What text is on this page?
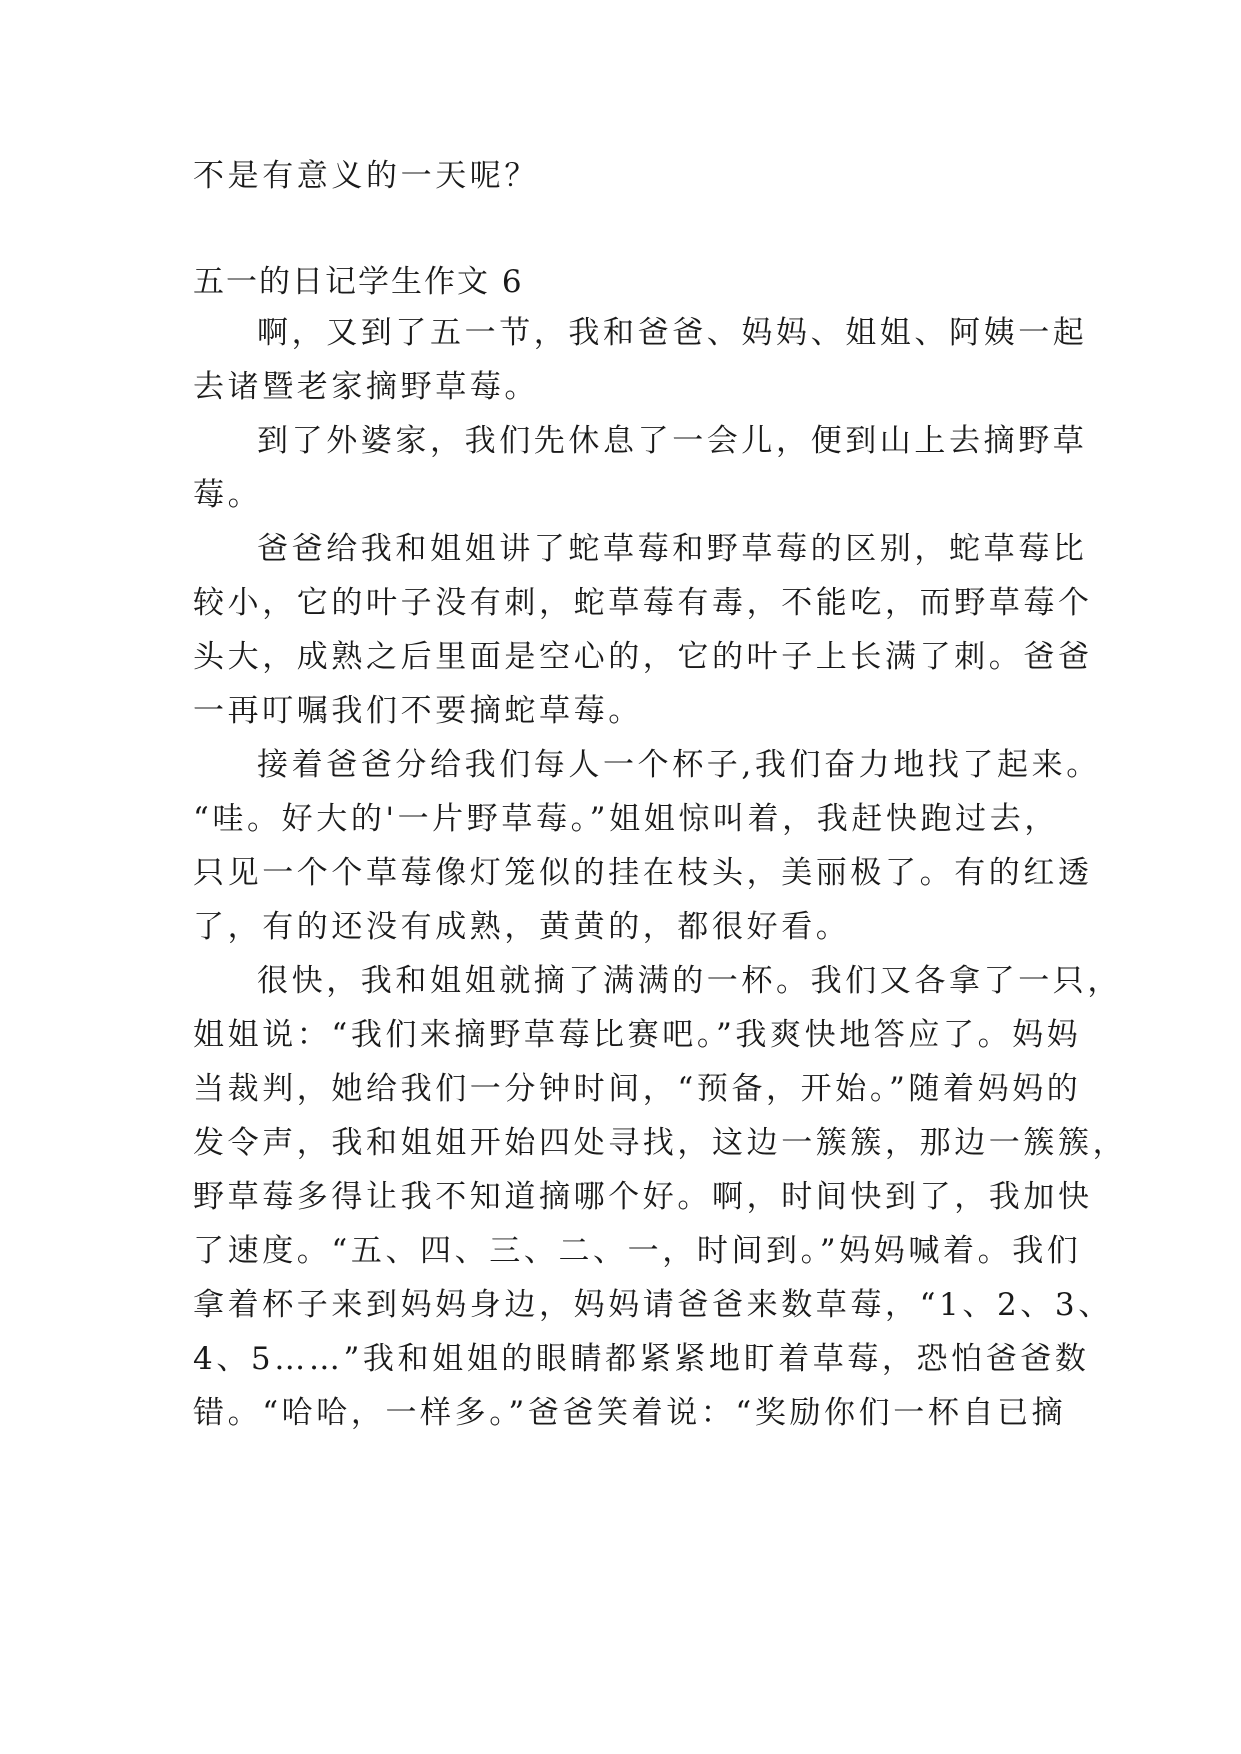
不是有意义的一天呢？
五一的日记学生作文 6
啊，又到了五一节，我和爸爸、妈妈、姐姐、阿姨一起
去诸暨老家摘野草莓。
到了外婆家，我们先休息了一会儿，便到山上去摘野草
莓。
爸爸给我和姐姐讲了蛇草莓和野草莓的区别，蛇草莓比
较小，它的叶子没有刺，蛇草莓有毒，不能吃，而野草莓个
头大，成熟之后里面是空心的，它的叶子上长满了刺。爸爸
一再叮嘱我们不要摘蛇草莓。
接着爸爸分给我们每人一个杯子,我们奋力地找了起来。
“哇。好大的'一片野草莓。”姐姐惊叫着，我赶快跑过去，
只见一个个草莓像灯笼似的挂在枝头，美丽极了。有的红透
了，有的还没有成熟，黄黄的，都很好看。
很快，我和姐姐就摘了满满的一杯。我们又各拿了一只，
姐姐说：“我们来摘野草莓比赛吧。”我爽快地答应了。妈妈
当裁判，她给我们一分钟时间，“预备，开始。”随着妈妈的
发令声，我和姐姐开始四处寻找，这边一簇簇，那边一簇簇，
野草莓多得让我不知道摘哪个好。啊，时间快到了，我加快
了速度。“五、四、三、二、一，时间到。”妈妈喊着。我们
拿着杯子来到妈妈身边，妈妈请爸爸来数草莓，“1、2、3、
4、5……”我和姐姐的眼睛都紧紧地盯着草莓，恐怕爸爸数
错。“哈哈，一样多。”爸爸笑着说：“奖励你们一杯自已摘
